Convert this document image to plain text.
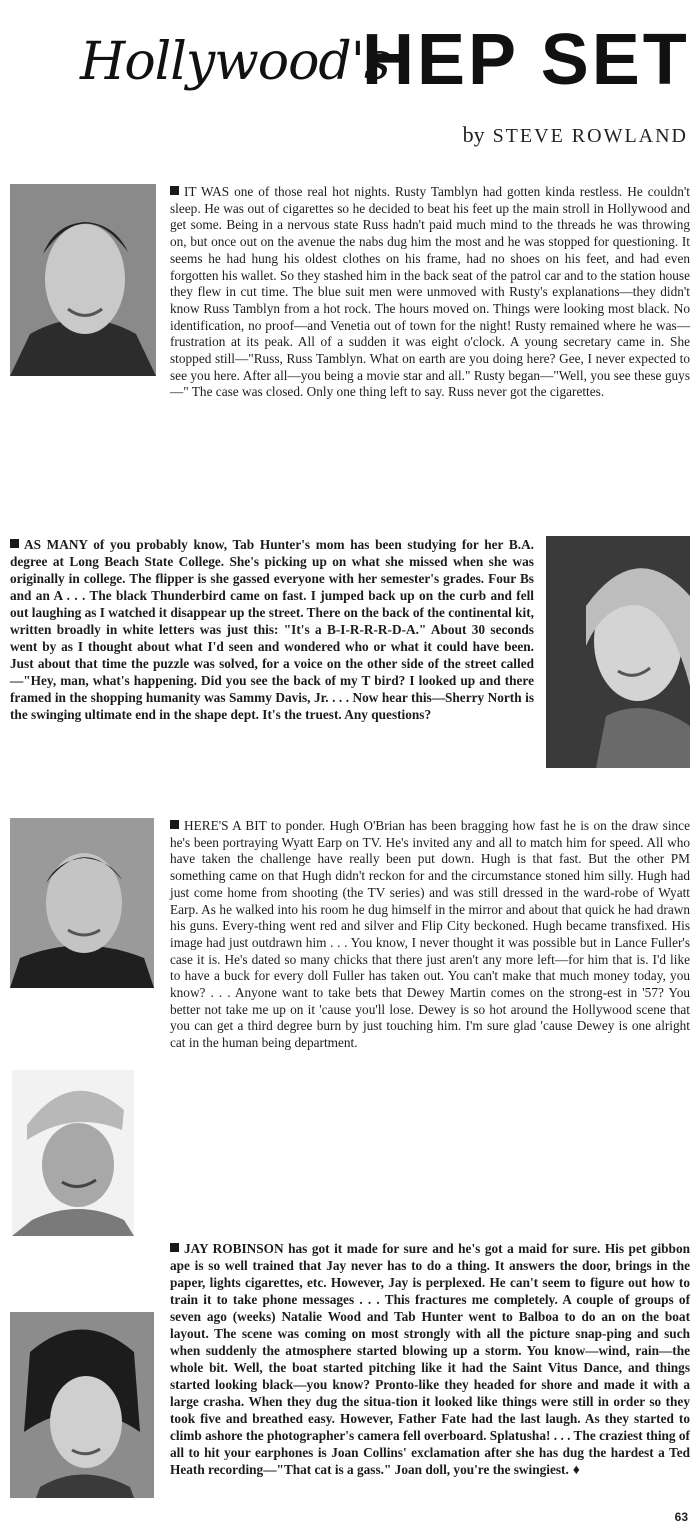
Hollywood's
HEP SET
by STEVE ROWLAND

IT WAS one of those real hot nights. Rusty Tamblyn had gotten kinda restless. He couldn't sleep. He was out of cigarettes so he decided to beat his feet up the main stroll in Hollywood and get some. Being in a nervous state Russ hadn't paid much mind to the threads he was throwing on, but once out on the avenue the nabs dug him the most and he was stopped for questioning. It seems he had hung his oldest clothes on his frame, had no shoes on his feet, and had even forgotten his wallet. So they stashed him in the back seat of the patrol car and to the station house they flew in cut time. The blue suit men were unmoved with Rusty's explanations—they didn't know Russ Tamblyn from a hot rock. The hours moved on. Things were looking most black. No identification, no proof—and Venetia out of town for the night! Rusty remained where he was—frustration at its peak. All of a sudden it was eight o'clock. A young secretary came in. She stopped still—"Russ, Russ Tamblyn. What on earth are you doing here? Gee, I never expected to see you here. After all—you being a movie star and all." Rusty began—"Well, you see these guys—" The case was closed. Only one thing left to say. Russ never got the cigarettes.

AS MANY of you probably know, Tab Hunter's mom has been studying for her B.A. degree at Long Beach State College. She's picking up on what she missed when she was originally in college. The flipper is she gassed everyone with her semester's grades. Four Bs and an A . . . The black Thunderbird came on fast. I jumped back up on the curb and fell out laughing as I watched it disappear up the street. There on the back of the continental kit, written broadly in white letters was just this: "It's a B-I-R-R-R-D-A." About 30 seconds went by as I thought about what I'd seen and wondered who or what it could have been. Just about that time the puzzle was solved, for a voice on the other side of the street called—"Hey, man, what's happening. Did you see the back of my T bird? I looked up and there framed in the shopping humanity was Sammy Davis, Jr. . . . Now hear this—Sherry North is the swinging ultimate end in the shape dept. It's the truest. Any questions?

HERE'S A BIT to ponder. Hugh O'Brian has been bragging how fast he is on the draw since he's been portraying Wyatt Earp on TV. He's invited any and all to match him for speed. All who have taken the challenge have really been put down. Hugh is that fast. But the other PM something came on that Hugh didn't reckon for and the circumstance stoned him silly. Hugh had just come home from shooting (the TV series) and was still dressed in the ward-robe of Wyatt Earp. As he walked into his room he dug himself in the mirror and about that quick he had drawn his guns. Every-thing went red and silver and Flip City beckoned. Hugh became transfixed. His image had just outdrawn him . . . You know, I never thought it was possible but in Lance Fuller's case it is. He's dated so many chicks that there just aren't any more left—for him that is. I'd like to have a buck for every doll Fuller has taken out. You can't make that much money today, you know? . . . Anyone want to take bets that Dewey Martin comes on the strong-est in '57? You better not take me up on it 'cause you'll lose. Dewey is so hot around the Hollywood scene that you can get a third degree burn by just touching him. I'm sure glad 'cause Dewey is one alright cat in the human being department.

JAY ROBINSON has got it made for sure and he's got a maid for sure. His pet gibbon ape is so well trained that Jay never has to do a thing. It answers the door, brings in the paper, lights cigarettes, etc. However, Jay is perplexed. He can't seem to figure out how to train it to take phone messages . . . This fractures me completely. A couple of groups of seven ago (weeks) Natalie Wood and Tab Hunter went to Balboa to do an on the boat layout. The scene was coming on most strongly with all the picture snap-ping and such when suddenly the atmosphere started blowing up a storm. You know—wind, rain—the whole bit. Well, the boat started pitching like it had the Saint Vitus Dance, and things started looking black—you know? Pronto-like they headed for shore and made it with a large crasha. When they dug the situa-tion it looked like things were still in order so they took five and breathed easy. However, Father Fate had the last laugh. As they started to climb ashore the photographer's camera fell overboard. Splatusha! . . . The craziest thing of all to hit your earphones is Joan Collins' exclamation after she has dug the hardest a Ted Heath recording—"That cat is a gass." Joan doll, you're the swingiest. ♦

63
